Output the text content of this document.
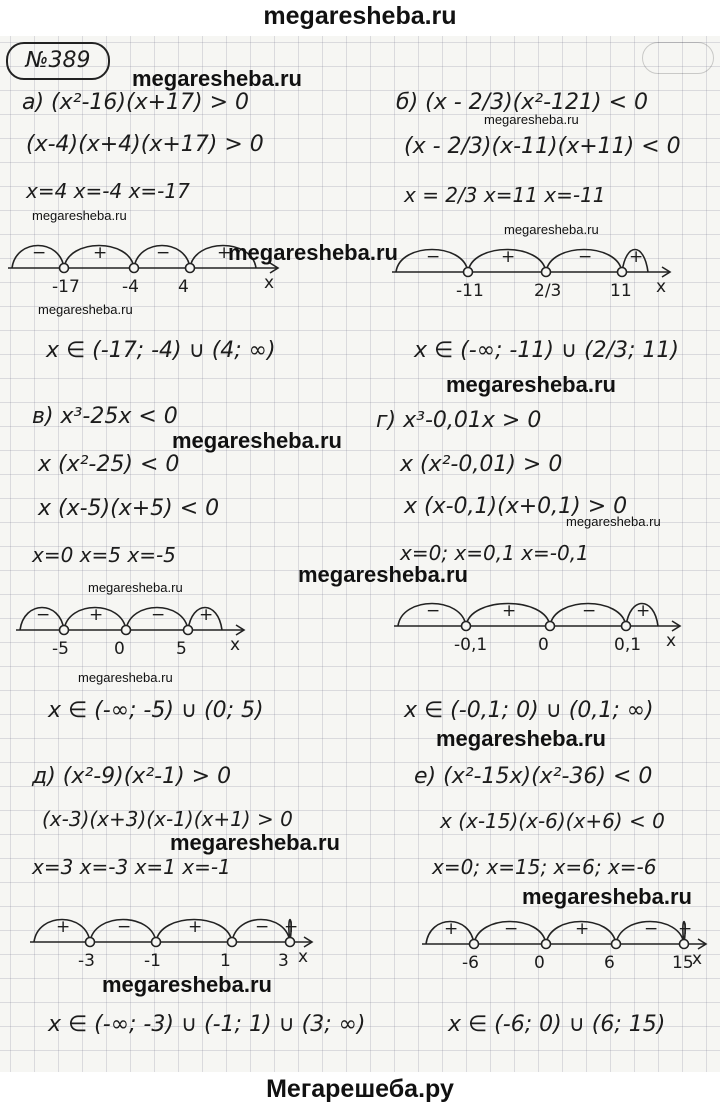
megaresheba.ru
№389
а) (x²-16)(x+17) > 0
(x-4)(x+4)(x+17) > 0
x=4 x=-4 x=-17
x
−	+	−	+
-17 -4 4
x ∈ (-17; -4) ∪ (4; ∞)
б) (x - 2/3)(x²-121) < 0
(x - 2/3)(x-11)(x+11) < 0
x = 2/3 x=11 x=-11
x
−	+	− +
-11	2/3	11
x ∈ (-∞; -11) ∪ (2/3; 11)
в) x³-25x < 0
x (x²-25) < 0
x (x-5)(x+5) < 0
x=0 x=5 x=-5
x
− +	− +
-5	0	5
x ∈ (-∞; -5) ∪ (0; 5)
г) x³-0,01x > 0
x (x²-0,01) > 0
x (x-0,1)(x+0,1) > 0
x=0; x=0,1 x=-0,1
x
−	+	− +
-0,1	0	0,1
x ∈ (-0,1; 0) ∪ (0,1; ∞)
д) (x²-9)(x²-1) > 0
(x-3)(x+3)(x-1)(x+1) > 0
x=3 x=-3 x=1 x=-1
x
+	−	+	− +
-3	-1	1	3
x ∈ (-∞; -3) ∪ (-1; 1) ∪ (3; ∞)
е) (x²-15x)(x²-36) < 0
x (x-15)(x-6)(x+6) < 0
x=0; x=15; x=6; x=-6
x
+	−	+	− +
-6	0	6	15
x ∈ (-6; 0) ∪ (6; 15)
megaresheba.ru
megaresheba.ru
megaresheba.ru
megaresheba.ru
megaresheba.ru
megaresheba.ru
megaresheba.ru
megaresheba.ru
megaresheba.ru
megaresheba.ru
megaresheba.ru
megaresheba.ru
megaresheba.ru
megaresheba.ru
megaresheba.ru
megaresheba.ru
Мегарешеба.ру
